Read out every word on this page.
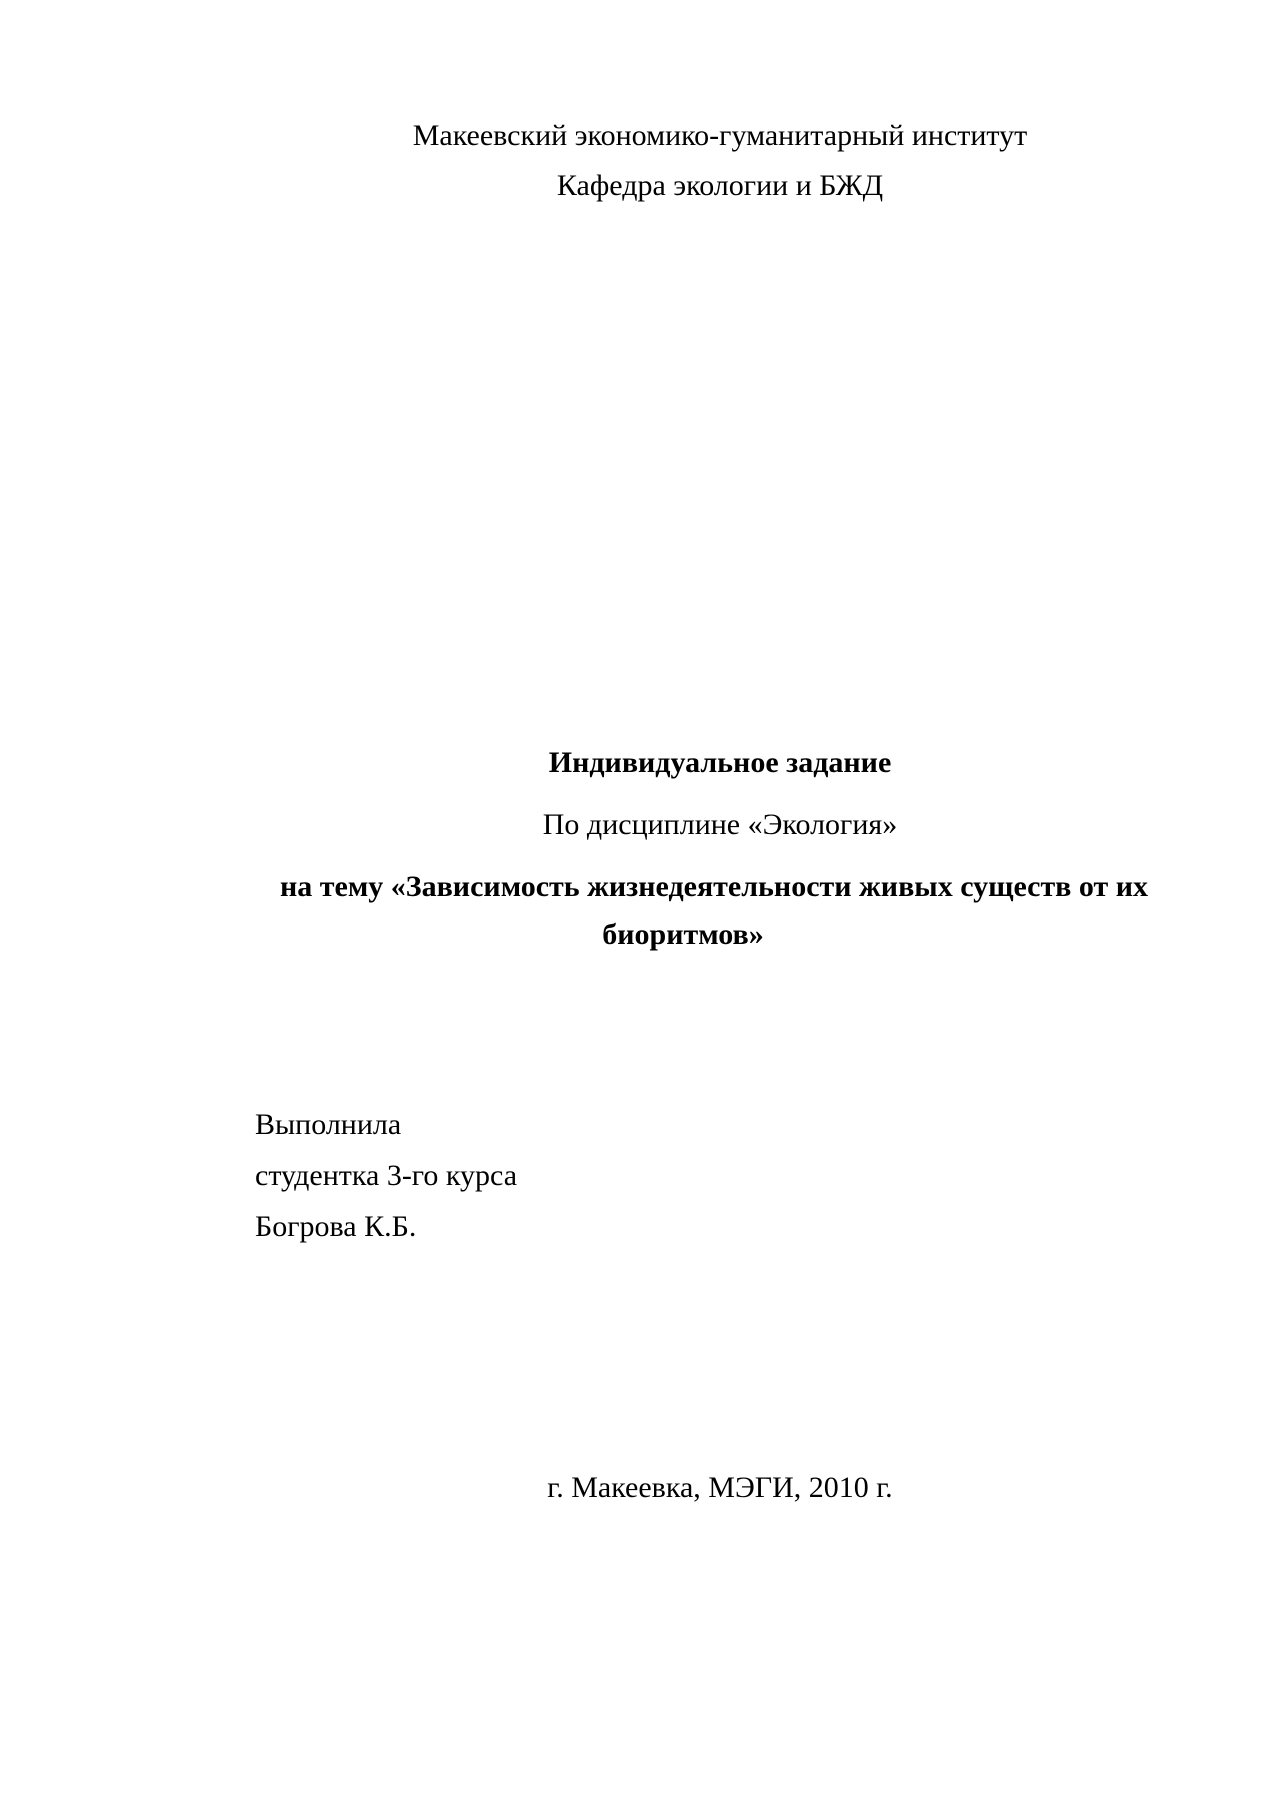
Макеевский экономико-гуманитарный институт
Кафедра экологии и БЖД
Индивидуальное задание
По дисциплине «Экология»
на тему «Зависимость жизнедеятельности живых существ от их
биоритмов»
Выполнила
студентка 3-го курса
Богрова К.Б.
г. Макеевка, МЭГИ, 2010 г.
